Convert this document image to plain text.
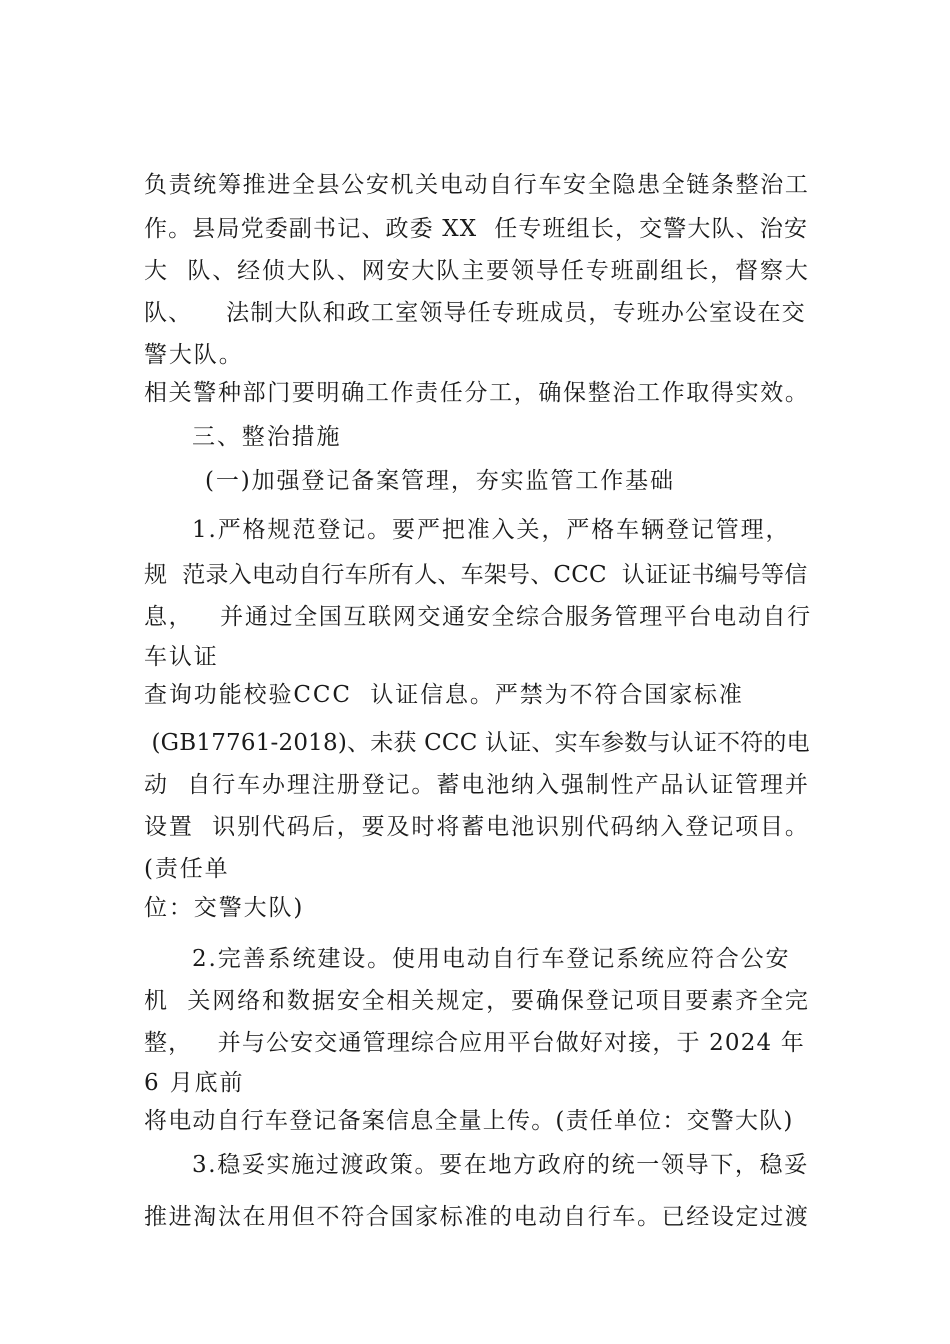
负责统筹推进全县公安机关电动自行车安全隐患全链条整治工

作。县局党委副书记、政委 XX  任专班组长，交警大队、治安

大  队、经侦大队、网安大队主要领导任专班副组长，督察大

队、    法制大队和政工室领导任专班成员，专班办公室设在交

警大队。

相关警种部门要明确工作责任分工，确保整治工作取得实效。

三、整治措施

(一)加强登记备案管理，夯实监管工作基础

1.严格规范登记。要严把准入关，严格车辆登记管理，

规  范录入电动自行车所有人、车架号、CCC  认证证书编号等信

息，   并通过全国互联网交通安全综合服务管理平台电动自行

车认证

查询功能校验CCC  认证信息。严禁为不符合国家标准

(GB17761-2018)、未获 CCC 认证、实车参数与认证不符的电

动  自行车办理注册登记。蓄电池纳入强制性产品认证管理并

设置  识别代码后，要及时将蓄电池识别代码纳入登记项目。

(责任单

位：交警大队)

2.完善系统建设。使用电动自行车登记系统应符合公安

机  关网络和数据安全相关规定，要确保登记项目要素齐全完

整，   并与公安交通管理综合应用平台做好对接，于 2024 年

6 月底前

将电动自行车登记备案信息全量上传。(责任单位：交警大队)

3.稳妥实施过渡政策。要在地方政府的统一领导下，稳妥

推进淘汰在用但不符合国家标准的电动自行车。已经设定过渡
